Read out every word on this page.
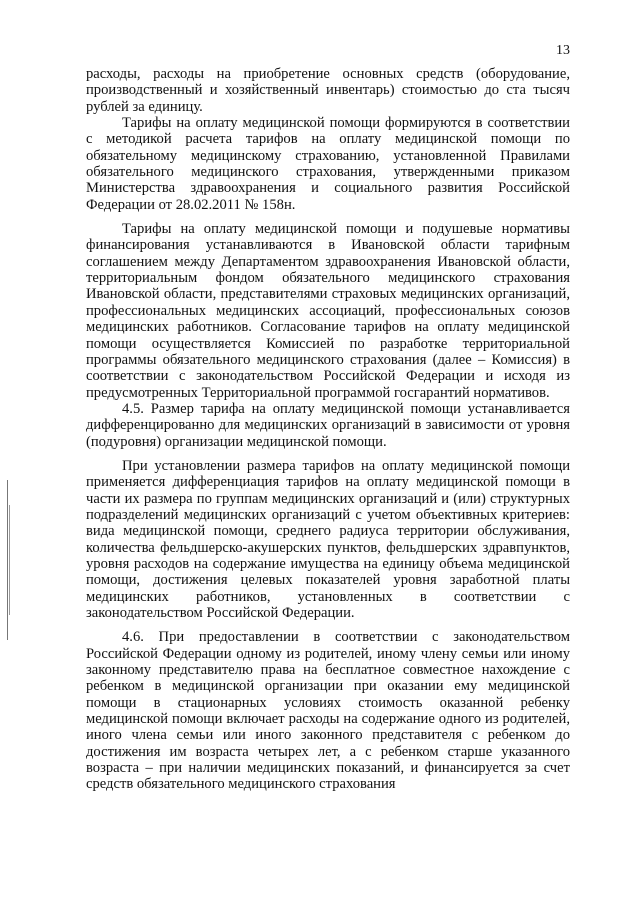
13

расходы, расходы на приобретение основных средств (оборудование, производственный и хозяйственный инвентарь) стоимостью до ста тысяч рублей за единицу.

Тарифы на оплату медицинской помощи формируются в соответствии с методикой расчета тарифов на оплату медицинской помощи по обязательному медицинскому страхованию, установленной Правилами обязательного медицинского страхования, утвержденными приказом Министерства здравоохранения и социального развития Российской Федерации от 28.02.2011 № 158н.

Тарифы на оплату медицинской помощи и подушевые нормативы финансирования устанавливаются в Ивановской области тарифным соглашением между Департаментом здравоохранения Ивановской области, территориальным фондом обязательного медицинского страхования Ивановской области, представителями страховых медицинских организаций, профессиональных медицинских ассоциаций, профессиональных союзов медицинских работников. Согласование тарифов на оплату медицинской помощи осуществляется Комиссией по разработке территориальной программы обязательного медицинского страхования (далее – Комиссия) в соответствии с законодательством Российской Федерации и исходя из предусмотренных Территориальной программой госгарантий нормативов.

4.5. Размер тарифа на оплату медицинской помощи устанавливается дифференцированно для медицинских организаций в зависимости от уровня (подуровня) организации медицинской помощи.

При установлении размера тарифов на оплату медицинской помощи применяется дифференциация тарифов на оплату медицинской помощи в части их размера по группам медицинских организаций и (или) структурных подразделений медицинских организаций с учетом объективных критериев: вида медицинской помощи, среднего радиуса территории обслуживания, количества фельдшерско-акушерских пунктов, фельдшерских здравпунктов, уровня расходов на содержание имущества на единицу объема медицинской помощи, достижения целевых показателей уровня заработной платы медицинских работников, установленных в соответствии с законодательством Российской Федерации.

4.6. При предоставлении в соответствии с законодательством Российской Федерации одному из родителей, иному члену семьи или иному законному представителю права на бесплатное совместное нахождение с ребенком в медицинской организации при оказании ему медицинской помощи в стационарных условиях стоимость оказанной ребенку медицинской помощи включает расходы на содержание одного из родителей, иного члена семьи или иного законного представителя с ребенком до достижения им возраста четырех лет, а с ребенком старше указанного возраста – при наличии медицинских показаний, и финансируется за счет средств обязательного медицинского страхования
